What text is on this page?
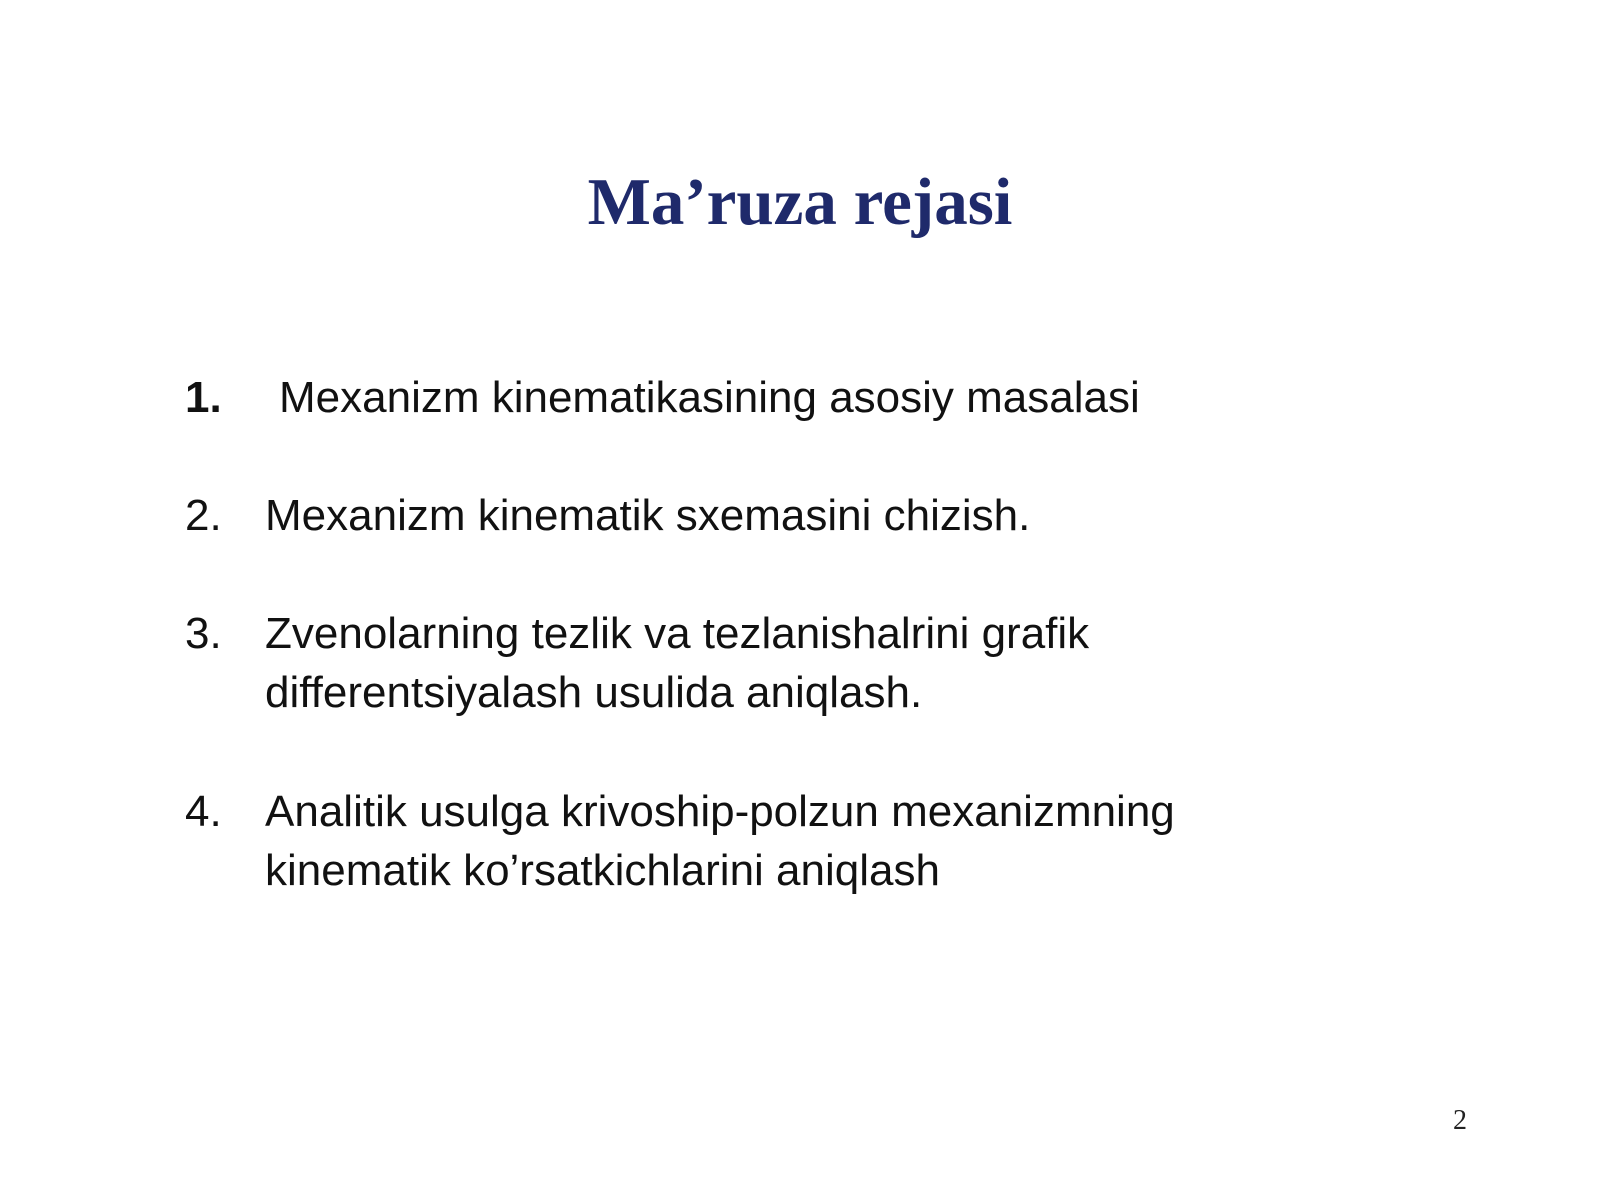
Ma’ruza rejasi
1.	Mexanizm kinematikasining asosiy masalasi
2. Mexanizm kinematik sxemasini chizish.
3. Zvenolarning tezlik va tezlanishalrini grafik differentsiyalash usulida aniqlash.
4. Analitik usulga krivoship-polzun mexanizmning kinematik ko’rsatkichlarini aniqlash
2
